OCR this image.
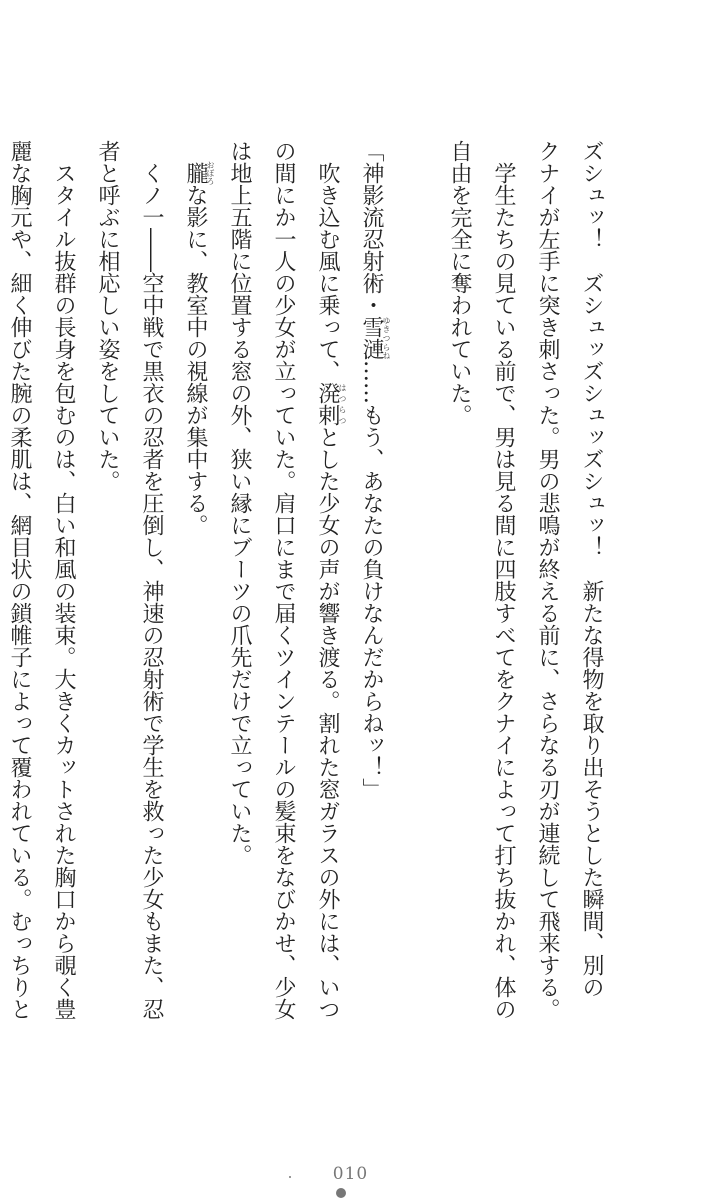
ズシュッ！　ズシュッズシュッズシュッ！　新たな得物を取り出そうとした瞬間、別の
クナイが左手に突き刺さった。男の悲鳴が終える前に、さらなる刃が連続して飛来する。
　学生たちの見ている前で、男は見る間に四肢すべてをクナイによって打ち抜かれ、体の
自由を完全に奪われていた。
「神影流忍射術・雪漣ゆきつらね……もう、あなたの負けなんだからねッ！」
　吹き込む風に乗って、溌剌はつらつとした少女の声が響き渡る。割れた窓ガラスの外には、いつ
の間にか一人の少女が立っていた。肩口にまで届くツインテールの髪束をなびかせ、少女
は地上五階に位置する窓の外、狭い縁にブーツの爪先だけで立っていた。
　朧おぼろな影に、教室中の視線が集中する。
　くノ一――空中戦で黒衣の忍者を圧倒し、神速の忍射術で学生を救った少女もまた、忍
者と呼ぶに相応しい姿をしていた。
　スタイル抜群の長身を包むのは、白い和風の装束。大きくカットされた胸口から覗く豊
麗な胸元や、細く伸びた腕の柔肌は、網目状の鎖帷子によって覆われている。むっちりと
010
